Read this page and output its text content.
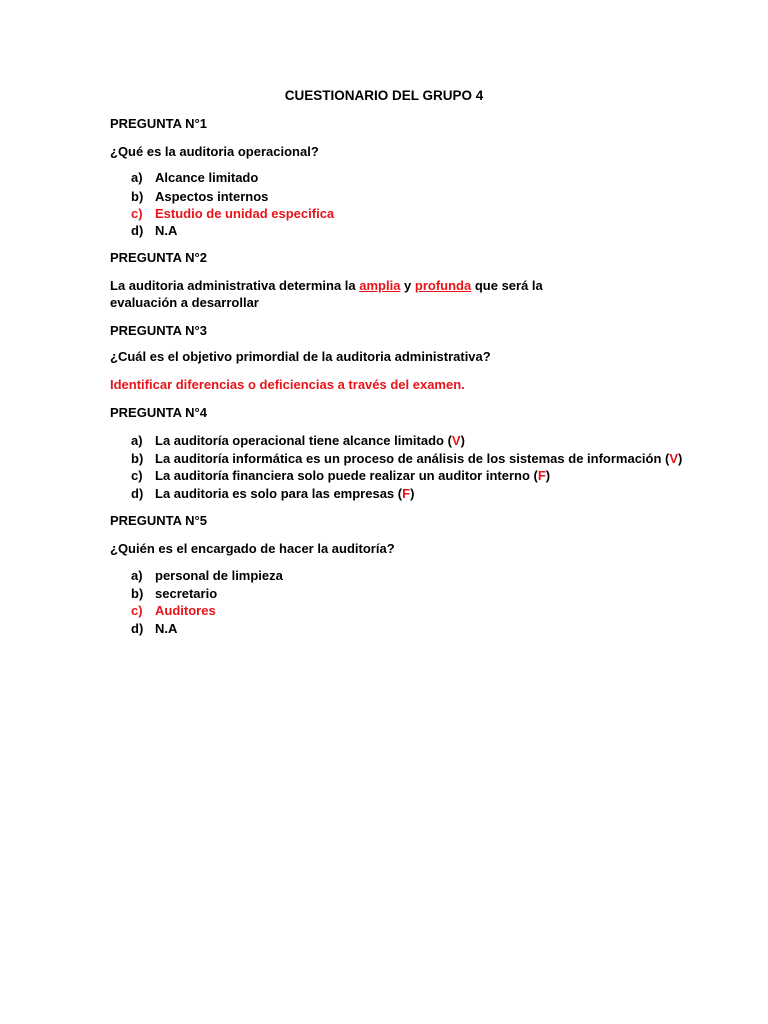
CUESTIONARIO DEL GRUPO 4
PREGUNTA N°1
¿Qué es la auditoria operacional?
a) Alcance limitado
b) Aspectos internos
c) Estudio de unidad especifica
d) N.A
PREGUNTA N°2
La auditoria administrativa determina la amplia y profunda que será la evaluación a desarrollar
PREGUNTA N°3
¿Cuál es el objetivo primordial de la auditoria administrativa?
Identificar diferencias o deficiencias a través del examen.
PREGUNTA N°4
a) La auditoría operacional tiene alcance limitado (V)
b) La auditoría informática es un proceso de análisis de los sistemas de información (V)
c) La auditoría financiera solo puede realizar un auditor interno (F)
d) La auditoria es solo para las empresas (F)
PREGUNTA N°5
¿Quién es el encargado de hacer la auditoría?
a) personal de limpieza
b) secretario
c) Auditores
d) N.A
